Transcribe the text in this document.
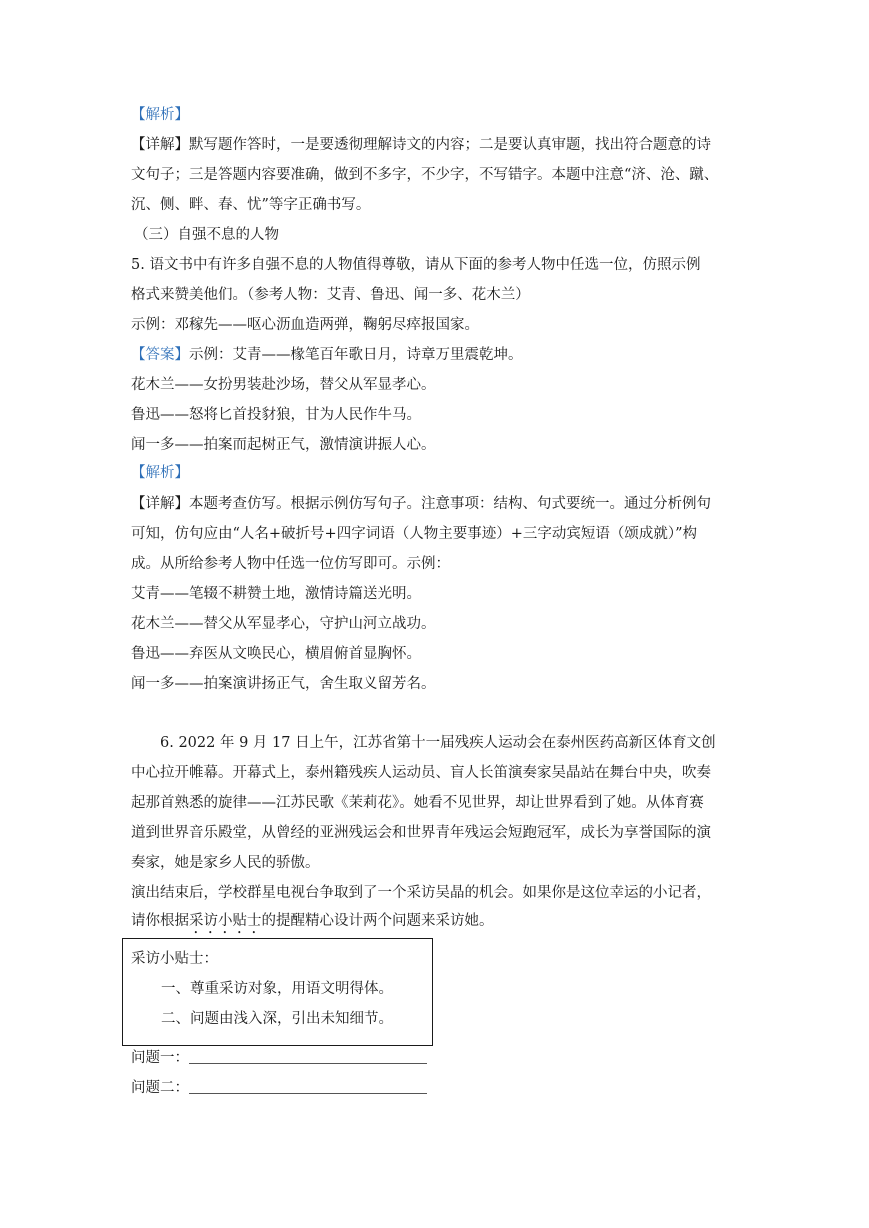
【解析】
【详解】默写题作答时，一是要透彻理解诗文的内容；二是要认真审题，找出符合题意的诗
文句子；三是答题内容要准确，做到不多字，不少字，不写错字。本题中注意“济、沧、蹴、
沉、侧、畔、春、忧”等字正确书写。
（三）自强不息的人物
5. 语文书中有许多自强不息的人物值得尊敬，请从下面的参考人物中任选一位，仿照示例
格式来赞美他们。（参考人物：艾青、鲁迅、闻一多、花木兰）
示例：邓稼先——呕心沥血造两弹，鞠躬尽瘁报国家。
【答案】示例：艾青——椽笔百年歌日月，诗章万里震乾坤。
花木兰——女扮男装赴沙场，替父从军显孝心。
鲁迅——怒将匕首投豺狼，甘为人民作牛马。
闻一多——拍案而起树正气，激情演讲振人心。
【解析】
【详解】本题考查仿写。根据示例仿写句子。注意事项：结构、句式要统一。通过分析例句
可知，仿句应由“人名+破折号+四字词语（人物主要事迹）+三字动宾短语（颂成就）”构
成。从所给参考人物中任选一位仿写即可。示例：
艾青——笔辍不耕赞土地，激情诗篇送光明。
花木兰——替父从军显孝心，守护山河立战功。
鲁迅——弃医从文唤民心，横眉俯首显胸怀。
闻一多——拍案演讲扬正气，舍生取义留芳名。
6. 2022 年 9 月 17 日上午，江苏省第十一届残疾人运动会在泰州医药高新区体育文创
中心拉开帷幕。开幕式上，泰州籍残疾人运动员、盲人长笛演奏家吴晶站在舞台中央，吹奏
起那首熟悉的旋律——江苏民歌《茉莉花》。她看不见世界，却让世界看到了她。从体育赛
道到世界音乐殿堂，从曾经的亚洲残运会和世界青年残运会短跑冠军，成长为享誉国际的演
奏家，她是家乡人民的骄傲。
演出结束后，学校群星电视台争取到了一个采访吴晶的机会。如果你是这位幸运的小记者，
请你根据采访小贴士的提醒精心设计两个问题来采访她。
采访小贴士：
一、尊重采访对象，用语文明得体。
二、问题由浅入深，引出未知细节。
问题一：
问题二：
